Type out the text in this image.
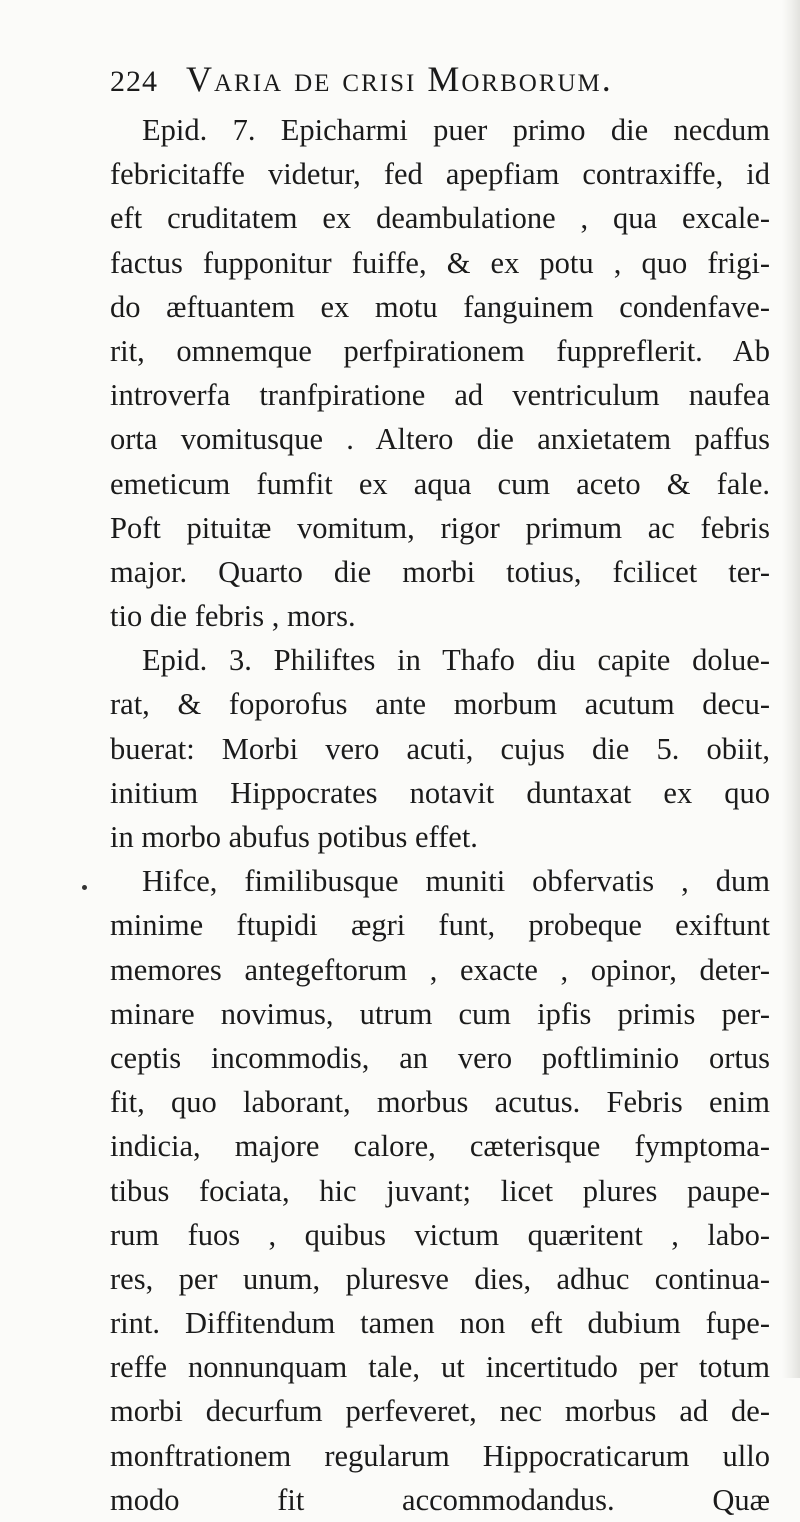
224 Varia de crisi Morborum.
Epid. 7. Epicharmi puer primo die necdum
febricitaffe videtur, fed apepfiam contraxiffe, id
eft cruditatem ex deambulatione , qua excale-
factus fupponitur fuiffe, & ex potu , quo frigi-
do æftuantem ex motu fanguinem condenfave-
rit, omnemque perfpirationem fuppreflerit. Ab
introverfa tranfpiratione ad ventriculum naufea
orta vomitusque . Altero die anxietatem paffus
emeticum fumfit ex aqua cum aceto & fale.
Poft pituitæ vomitum, rigor primum ac febris
major. Quarto die morbi totius, fcilicet ter-
tio die febris , mors.
Epid. 3. Philiftes in Thafo diu capite dolue-
rat, & foporofus ante morbum acutum decu-
buerat: Morbi vero acuti, cujus die 5. obiit,
initium Hippocrates notavit duntaxat ex quo
in morbo abufus potibus effet.
Hifce, fimilibusque muniti obfervatis , dum
minime ftupidi ægri funt, probeque exiftunt
memores antegeftorum , exacte , opinor, deter-
minare novimus, utrum cum ipfis primis per-
ceptis incommodis, an vero poftliminio ortus
fit, quo laborant, morbus acutus. Febris enim
indicia, majore calore, cæterisque fymptoma-
tibus fociata, hic juvant; licet plures paupe-
rum fuos , quibus victum quæritent , labo-
res, per unum, pluresve dies, adhuc continua-
rint. Diffitendum tamen non eft dubium fupe-
reffe nonnunquam tale, ut incertitudo per totum
morbi decurfum perfeveret, nec morbus ad de-
monftrationem regularum Hippocraticarum ullo
modo fit accommodandus. Quæ
